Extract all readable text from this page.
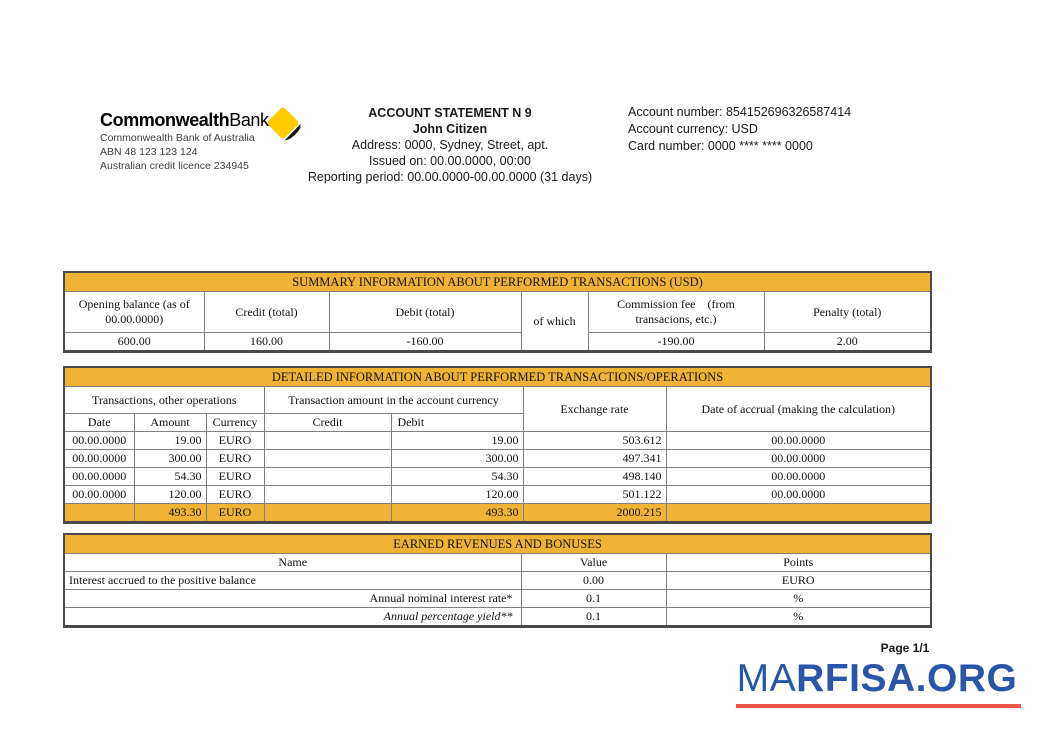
CommonwealthBank
Commonwealth Bank of Australia
ABN 48 123 123 124
Australian credit licence 234945
ACCOUNT STATEMENT N 9
John Citizen
Address: 0000, Sydney, Street, apt.
Issued on: 00.00.0000, 00:00
Reporting period: 00.00.0000-00.00.0000 (31 days)
Account number: 854152696326587414
Account currency: USD
Card number: 0000 **** **** 0000
SUMMARY INFORMATION ABOUT PERFORMED TRANSACTIONS (USD)					
Opening balance (as of 00.00.0000)	Credit (total)	Debit (total)	of which	Commission fee    (from transacions, etc.)	Penalty (total)
600.00	160.00	-160.00		-190.00	2.00
DETAILED INFORMATION ABOUT PERFORMED TRANSACTIONS/OPERATIONS						
Transactions, other operations			Transaction amount in the account currency		Exchange rate	Date of accrual (making the calculation)
Date	Amount	Currency	Credit	Debit		
00.00.0000	19.00	EURO		19.00	503.612	00.00.0000
00.00.0000	300.00	EURO		300.00	497.341	00.00.0000
00.00.0000	54.30	EURO		54.30	498.140	00.00.0000
00.00.0000	120.00	EURO		120.00	501.122	00.00.0000
	493.30	EURO		493.30	2000.215	
EARNED REVENUES AND BONUSES		
Name	Value	Points
Interest accrued to the positive balance	0.00	EURO
Annual nominal interest rate*	0.1	%
Annual percentage yield**	0.1	%
Page 1/1
MARFISA.ORG
